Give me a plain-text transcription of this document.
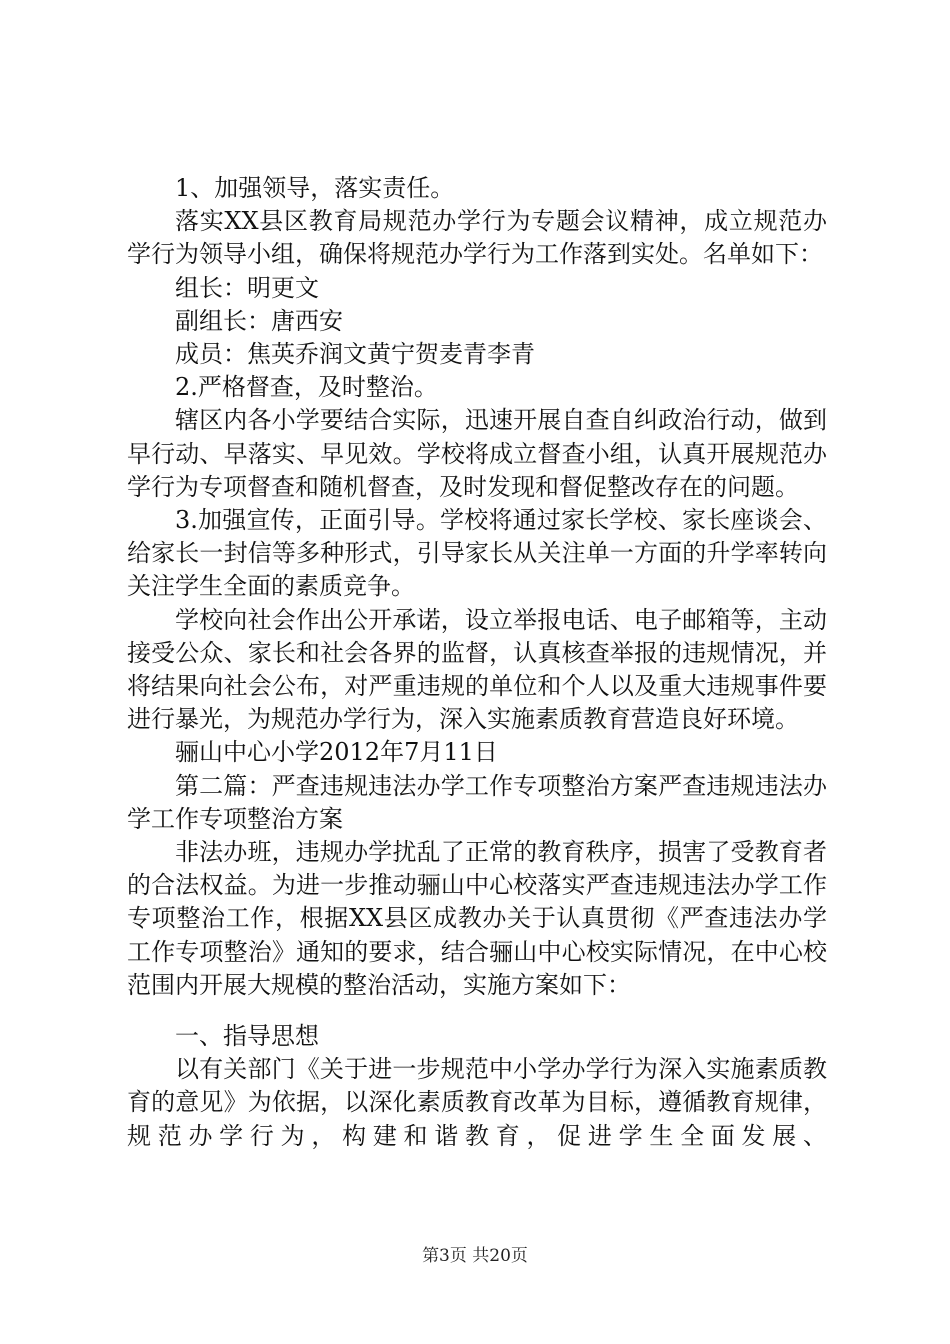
1、加强领导，落实责任。

落实XX县区教育局规范办学行为专题会议精神，成立规范办学行为领导小组，确保将规范办学行为工作落到实处。名单如下：

组长：明更文

副组长：唐西安

成员：焦英乔润文黄宁贺麦青李青

2.严格督查，及时整治。

辖区内各小学要结合实际，迅速开展自查自纠政治行动，做到早行动、早落实、早见效。学校将成立督查小组，认真开展规范办学行为专项督查和随机督查，及时发现和督促整改存在的问题。

3.加强宣传，正面引导。学校将通过家长学校、家长座谈会、给家长一封信等多种形式，引导家长从关注单一方面的升学率转向关注学生全面的素质竞争。

学校向社会作出公开承诺，设立举报电话、电子邮箱等，主动接受公众、家长和社会各界的监督，认真核查举报的违规情况，并将结果向社会公布，对严重违规的单位和个人以及重大违规事件要进行暴光，为规范办学行为，深入实施素质教育营造良好环境。

骊山中心小学2012年7月11日

第二篇：严查违规违法办学工作专项整治方案严查违规违法办学工作专项整治方案

非法办班，违规办学扰乱了正常的教育秩序，损害了受教育者的合法权益。为进一步推动骊山中心校落实严查违规违法办学工作专项整治工作，根据XX县区成教办关于认真贯彻《严查违法办学工作专项整治》通知的要求，结合骊山中心校实际情况，在中心校范围内开展大规模的整治活动，实施方案如下：

一、指导思想

以有关部门《关于进一步规范中小学办学行为深入实施素质教育的意见》为依据，以深化素质教育改革为目标，遵循教育规律，规范办学行为，构建和谐教育，促进学生全面发展、

第3页 共20页
